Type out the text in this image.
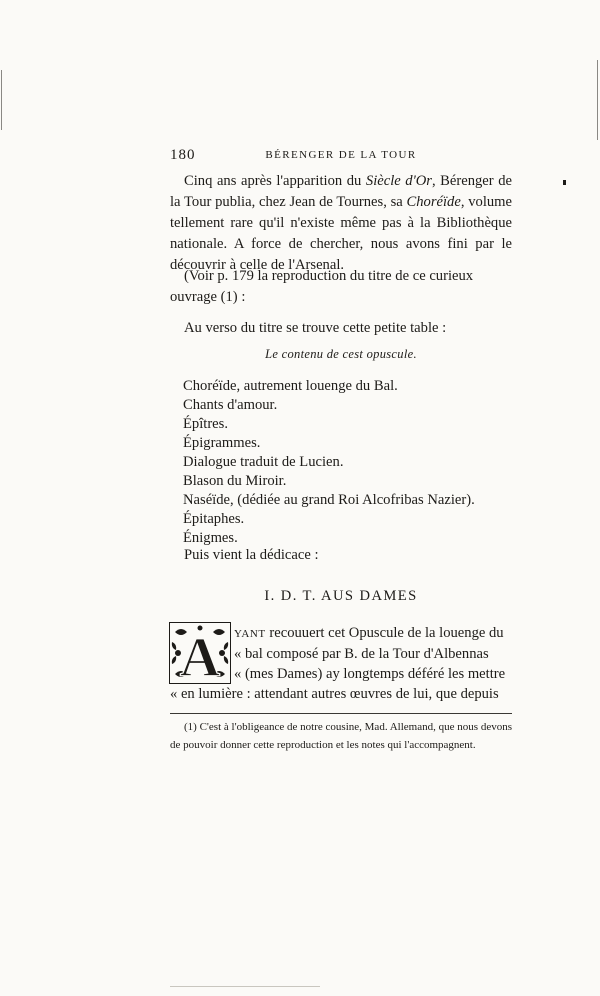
180	BÉRENGER DE LA TOUR
Cinq ans après l'apparition du Siècle d'Or, Bérenger de la Tour publia, chez Jean de Tournes, sa Choréïde, volume tellement rare qu'il n'existe même pas à la Bibliothèque nationale. A force de chercher, nous avons fini par le découvrir à celle de l'Arsenal.
(Voir p. 179 la reproduction du titre de ce curieux ouvrage (1) :
Au verso du titre se trouve cette petite table :
Le contenu de cest opuscule.
Choréïde, autrement louenge du Bal.
Chants d'amour.
Épîtres.
Épigrammes.
Dialogue traduit de Lucien.
Blason du Miroir.
Naséïde, (dédiée au grand Roi Alcofribas Nazier).
Épitaphes.
Énigmes.
Puis vient la dédicace :
I. D. T. AUS DAMES
A YANT recouuert cet Opuscule de la louenge du
« bal composé par B. de la Tour d'Albennas
« (mes Dames) ay longtemps déféré les mettre
« en lumière : attendant autres œuvres de lui, que depuis
(1) C'est à l'obligeance de notre cousine, Mad. Allemand, que nous devons de pouvoir donner cette reproduction et les notes qui l'accompagnent.
